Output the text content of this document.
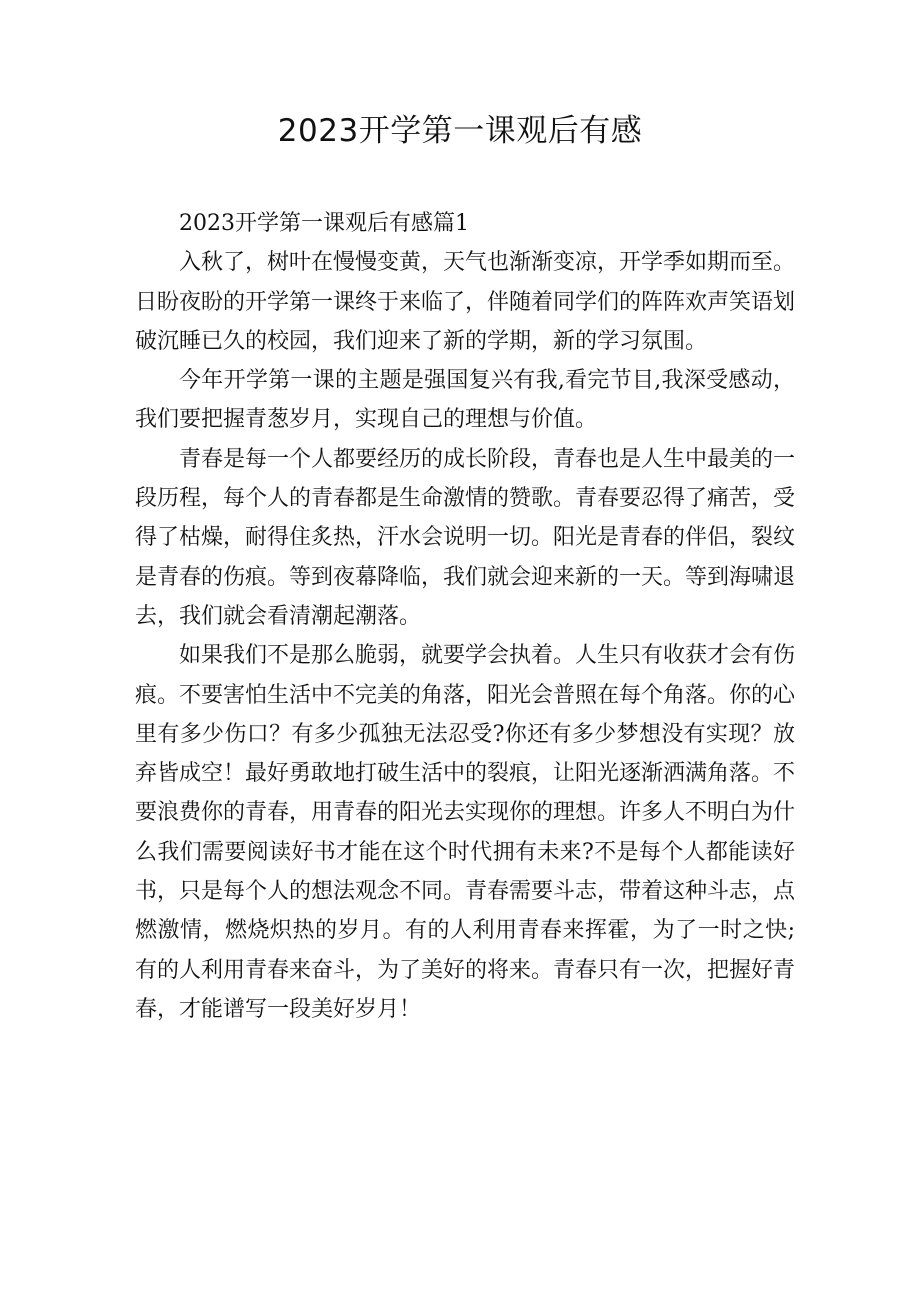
2023开学第一课观后有感

2023开学第一课观后有感篇1

入秋了，树叶在慢慢变黄，天气也渐渐变凉，开学季如期而至。日盼夜盼的开学第一课终于来临了，伴随着同学们的阵阵欢声笑语划破沉睡已久的校园，我们迎来了新的学期，新的学习氛围。

今年开学第一课的主题是强国复兴有我,看完节目,我深受感动，我们要把握青葱岁月，实现自己的理想与价值。

青春是每一个人都要经历的成长阶段，青春也是人生中最美的一段历程，每个人的青春都是生命激情的赞歌。青春要忍得了痛苦，受得了枯燥，耐得住炙热，汗水会说明一切。阳光是青春的伴侣，裂纹是青春的伤痕。等到夜幕降临，我们就会迎来新的一天。等到海啸退去，我们就会看清潮起潮落。

如果我们不是那么脆弱，就要学会执着。人生只有收获才会有伤痕。不要害怕生活中不完美的角落，阳光会普照在每个角落。你的心里有多少伤口？有多少孤独无法忍受?你还有多少梦想没有实现？放弃皆成空！最好勇敢地打破生活中的裂痕，让阳光逐渐洒满角落。不要浪费你的青春，用青春的阳光去实现你的理想。许多人不明白为什么我们需要阅读好书才能在这个时代拥有未来?不是每个人都能读好书，只是每个人的想法观念不同。青春需要斗志，带着这种斗志，点燃激情，燃烧炽热的岁月。有的人利用青春来挥霍，为了一时之快;有的人利用青春来奋斗，为了美好的将来。青春只有一次，把握好青春，才能谱写一段美好岁月！
